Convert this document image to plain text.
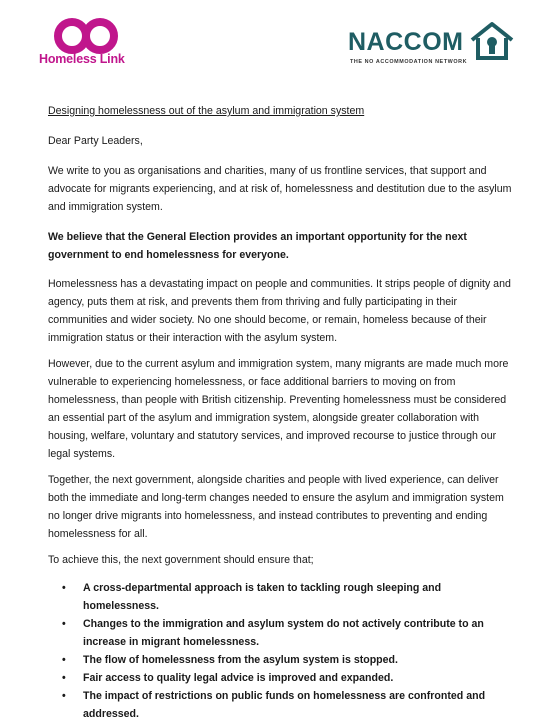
Homeless Link
NACCOM
THE NO ACCOMMODATION NETWORK

Designing homelessness out of the asylum and immigration system

Dear Party Leaders,

We write to you as organisations and charities, many of us frontline services, that support and advocate for migrants experiencing, and at risk of, homelessness and destitution due to the asylum and immigration system.

We believe that the General Election provides an important opportunity for the next government to end homelessness for everyone.

Homelessness has a devastating impact on people and communities. It strips people of dignity and agency, puts them at risk, and prevents them from thriving and fully participating in their communities and wider society. No one should become, or remain, homeless because of their immigration status or their interaction with the asylum system.

However, due to the current asylum and immigration system, many migrants are made much more vulnerable to experiencing homelessness, or face additional barriers to moving on from homelessness, than people with British citizenship. Preventing homelessness must be considered an essential part of the asylum and immigration system, alongside greater collaboration with housing, welfare, voluntary and statutory services, and improved recourse to justice through our legal systems.

Together, the next government, alongside charities and people with lived experience, can deliver both the immediate and long-term changes needed to ensure the asylum and immigration system no longer drive migrants into homelessness, and instead contributes to preventing and ending homelessness for all.

To achieve this, the next government should ensure that;

• A cross-departmental approach is taken to tackling rough sleeping and homelessness.
• Changes to the immigration and asylum system do not actively contribute to an increase in migrant homelessness.
• The flow of homelessness from the asylum system is stopped.
• Fair access to quality legal advice is improved and expanded.
• The impact of restrictions on public funds on homelessness are confronted and addressed.
